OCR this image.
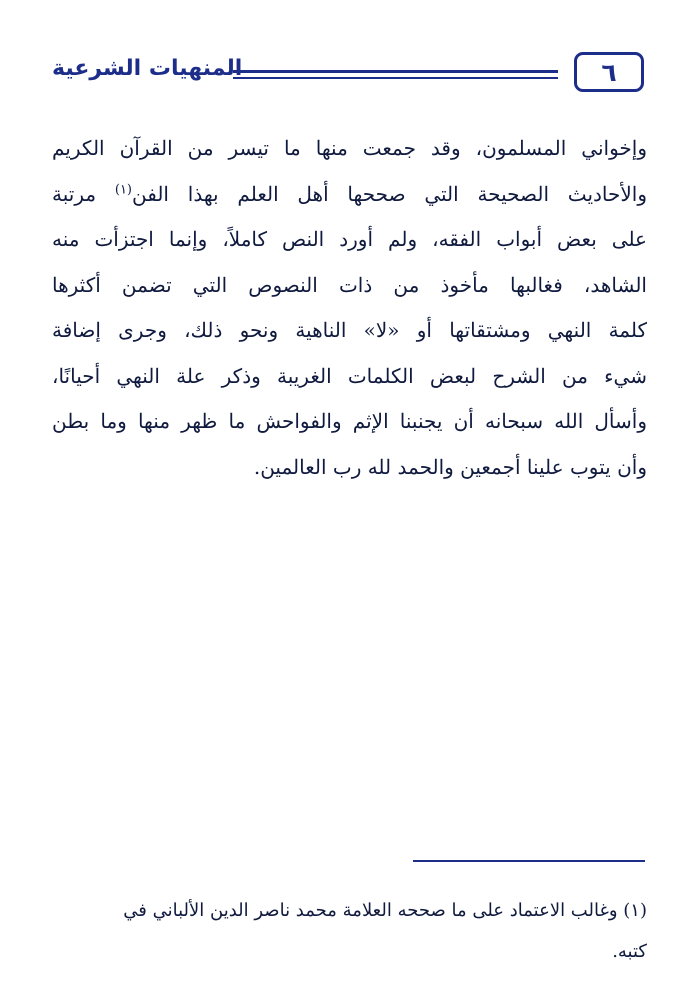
٦
المنهيات الشرعية
وإخواني المسلمون، وقد جمعت منها ما تيسر من القرآن الكريم
والأحاديث الصحيحة التي صححها أهل العلم بهذا الفن$^{(١)}$ مرتبة
على بعض أبواب الفقه، ولم أورد النص كاملاً، وإنما اجتزأت منه
الشاهد، فغالبها مأخوذ من ذات النصوص التي تضمن أكثرها
كلمة النهي ومشتقاتها أو «لا» الناهية ونحو ذلك، وجرى إضافة
شيء من الشرح لبعض الكلمات الغريبة وذكر علة النهي أحيانًا،
وأسأل الله سبحانه أن يجنبنا الإثم والفواحش ما ظهر منها وما بطن
وأن يتوب علينا أجمعين والحمد لله رب العالمين.
(١) وغالب الاعتماد على ما صححه العلامة محمد ناصر الدين الألباني في
كتبه.
